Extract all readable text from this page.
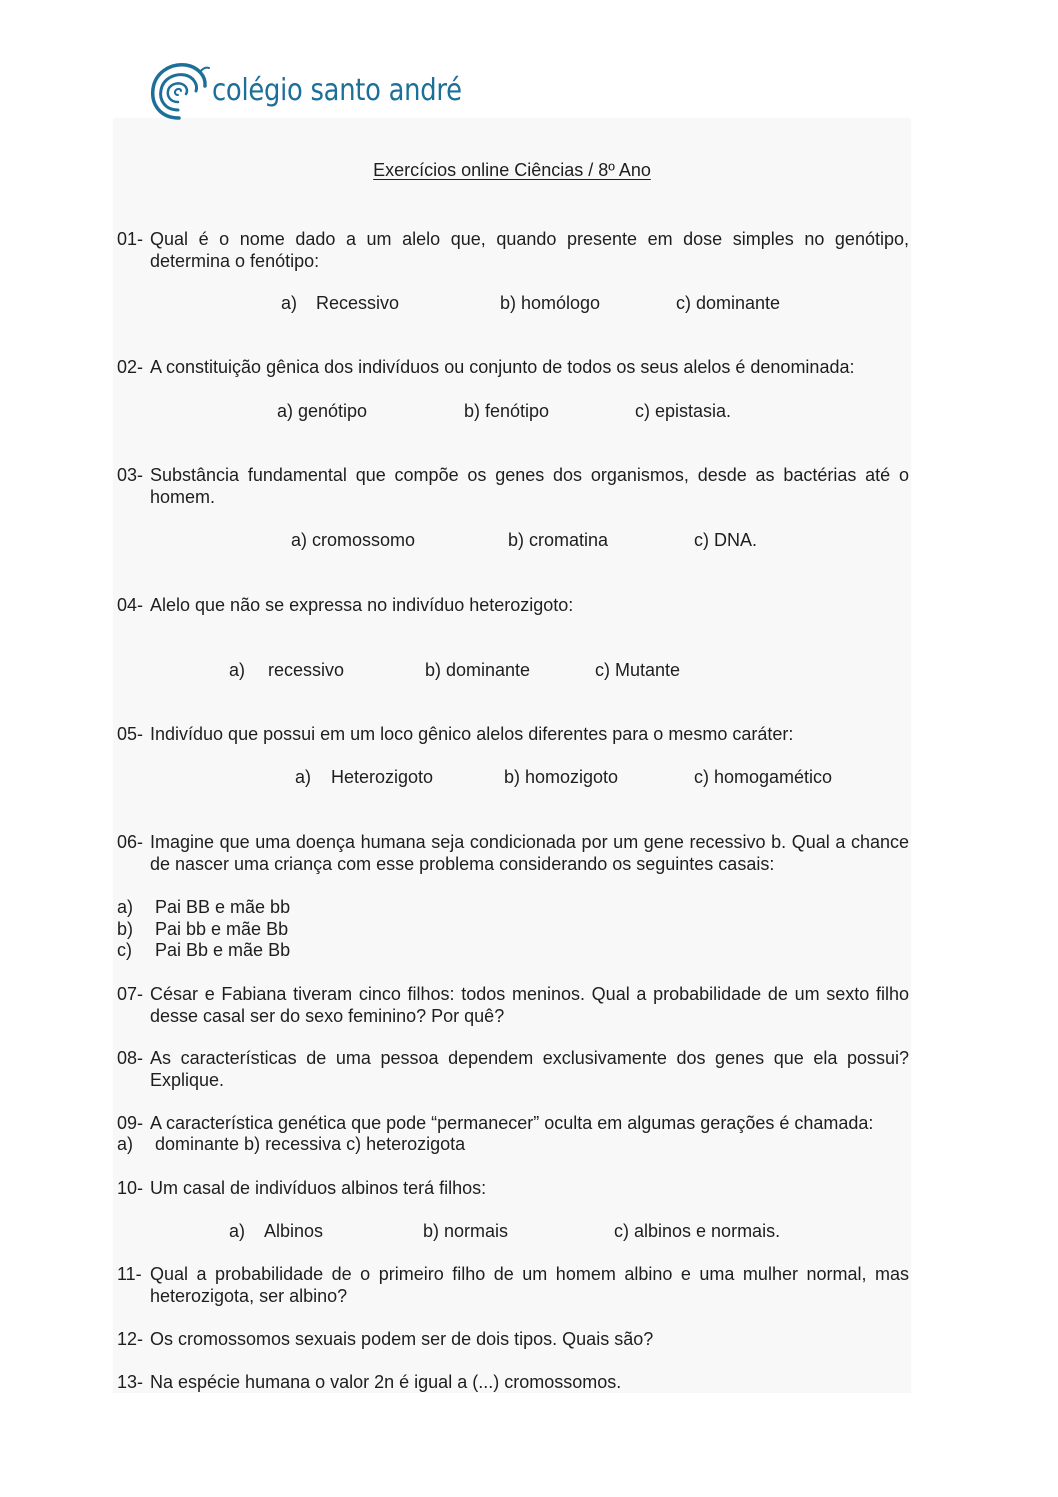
colégio santo andré
Exercícios online Ciências / 8º Ano
01- Qual é o nome dado a um alelo que, quando presente em dose simples no genótipo, determina o fenótipo:
a) Recessivo	b) homólogo	c) dominante
02- A constituição gênica dos indivíduos ou conjunto de todos os seus alelos é denominada:
a) genótipo	b) fenótipo	c) epistasia.
03- Substância fundamental que compõe os genes dos organismos, desde as bactérias até o homem.
a) cromossomo	b) cromatina	c) DNA.
04- Alelo que não se expressa no indivíduo heterozigoto:
a) recessivo	b) dominante	c) Mutante
05- Indivíduo que possui em um loco gênico alelos diferentes para o mesmo caráter:
a) Heterozigoto	b) homozigoto	c) homogamético
06- Imagine que uma doença humana seja condicionada por um gene recessivo b. Qual a chance de nascer uma criança com esse problema considerando os seguintes casais:
a) Pai BB e mãe bb
b) Pai bb e mãe Bb
c) Pai Bb e mãe Bb
07- César e Fabiana tiveram cinco filhos: todos meninos. Qual a probabilidade de um sexto filho desse casal ser do sexo feminino? Por quê?
08- As características de uma pessoa dependem exclusivamente dos genes que ela possui? Explique.
09- A característica genética que pode “permanecer” oculta em algumas gerações é chamada:
a) dominante b) recessiva c) heterozigota
10- Um casal de indivíduos albinos terá filhos:
a) Albinos	b) normais	c) albinos e normais.
11- Qual a probabilidade de o primeiro filho de um homem albino e uma mulher normal, mas heterozigota, ser albino?
12- Os cromossomos sexuais podem ser de dois tipos. Quais são?
13- Na espécie humana o valor 2n é igual a (...) cromossomos.
